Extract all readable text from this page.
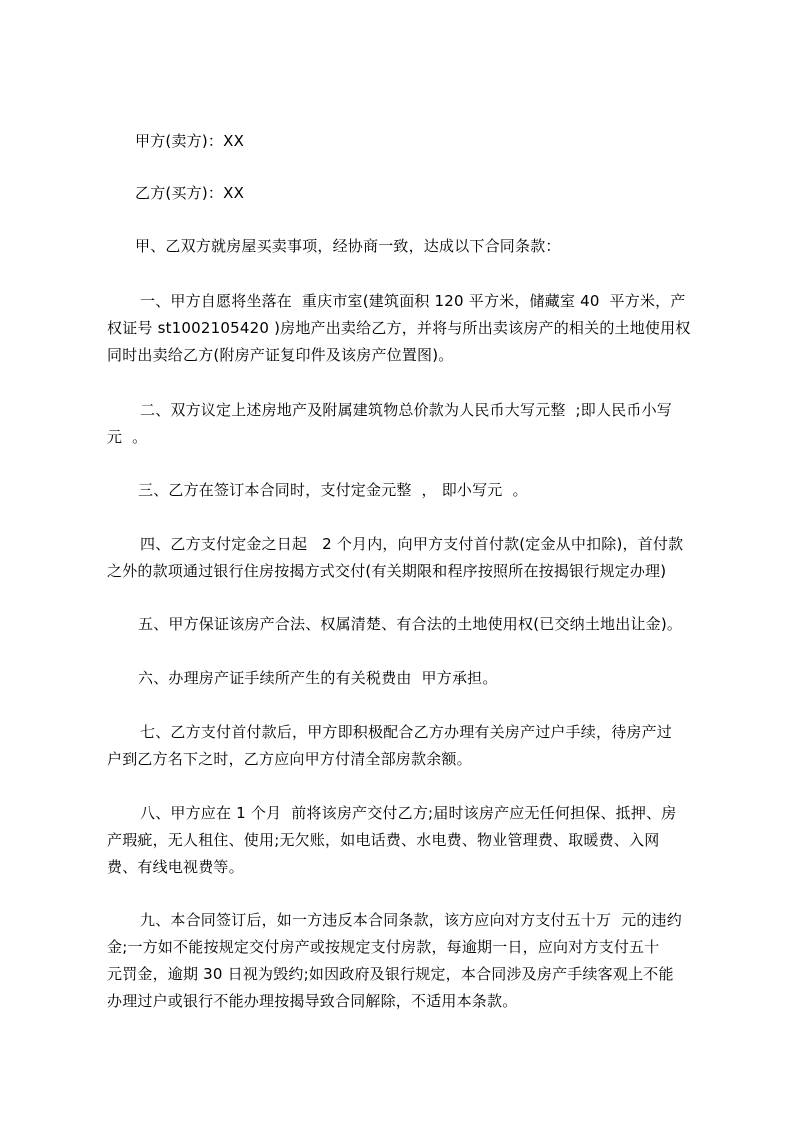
甲方(卖方)：XX
乙方(买方)：XX
甲、乙双方就房屋买卖事项，经协商一致，达成以下合同条款：
一、甲方自愿将坐落在  重庆市室(建筑面积 120 平方米，储藏室 40  平方米，产
权证号 st1002105420 )房地产出卖给乙方，并将与所出卖该房产的相关的土地使用权
同时出卖给乙方(附房产证复印件及该房产位置图)。
二、双方议定上述房地产及附属建筑物总价款为人民币大写元整  ;即人民币小写
元  。
三、乙方在签订本合同时，支付定金元整  ， 即小写元  。
四、乙方支付定金之日起   2 个月内，向甲方支付首付款(定金从中扣除)，首付款
之外的款项通过银行住房按揭方式交付(有关期限和程序按照所在按揭银行规定办理)
五、甲方保证该房产合法、权属清楚、有合法的土地使用权(已交纳土地出让金)。
六、办理房产证手续所产生的有关税费由  甲方承担。
七、乙方支付首付款后，甲方即积极配合乙方办理有关房产过户手续，待房产过
户到乙方名下之时，乙方应向甲方付清全部房款余额。
八、甲方应在 1 个月  前将该房产交付乙方;届时该房产应无任何担保、抵押、房
产瑕疵，无人租住、使用;无欠账，如电话费、水电费、物业管理费、取暖费、入网
费、有线电视费等。
九、本合同签订后，如一方违反本合同条款，该方应向对方支付五十万  元的违约
金;一方如不能按规定交付房产或按规定支付房款，每逾期一日，应向对方支付五十
元罚金，逾期 30 日视为毁约;如因政府及银行规定，本合同涉及房产手续客观上不能
办理过户或银行不能办理按揭导致合同解除，不适用本条款。
